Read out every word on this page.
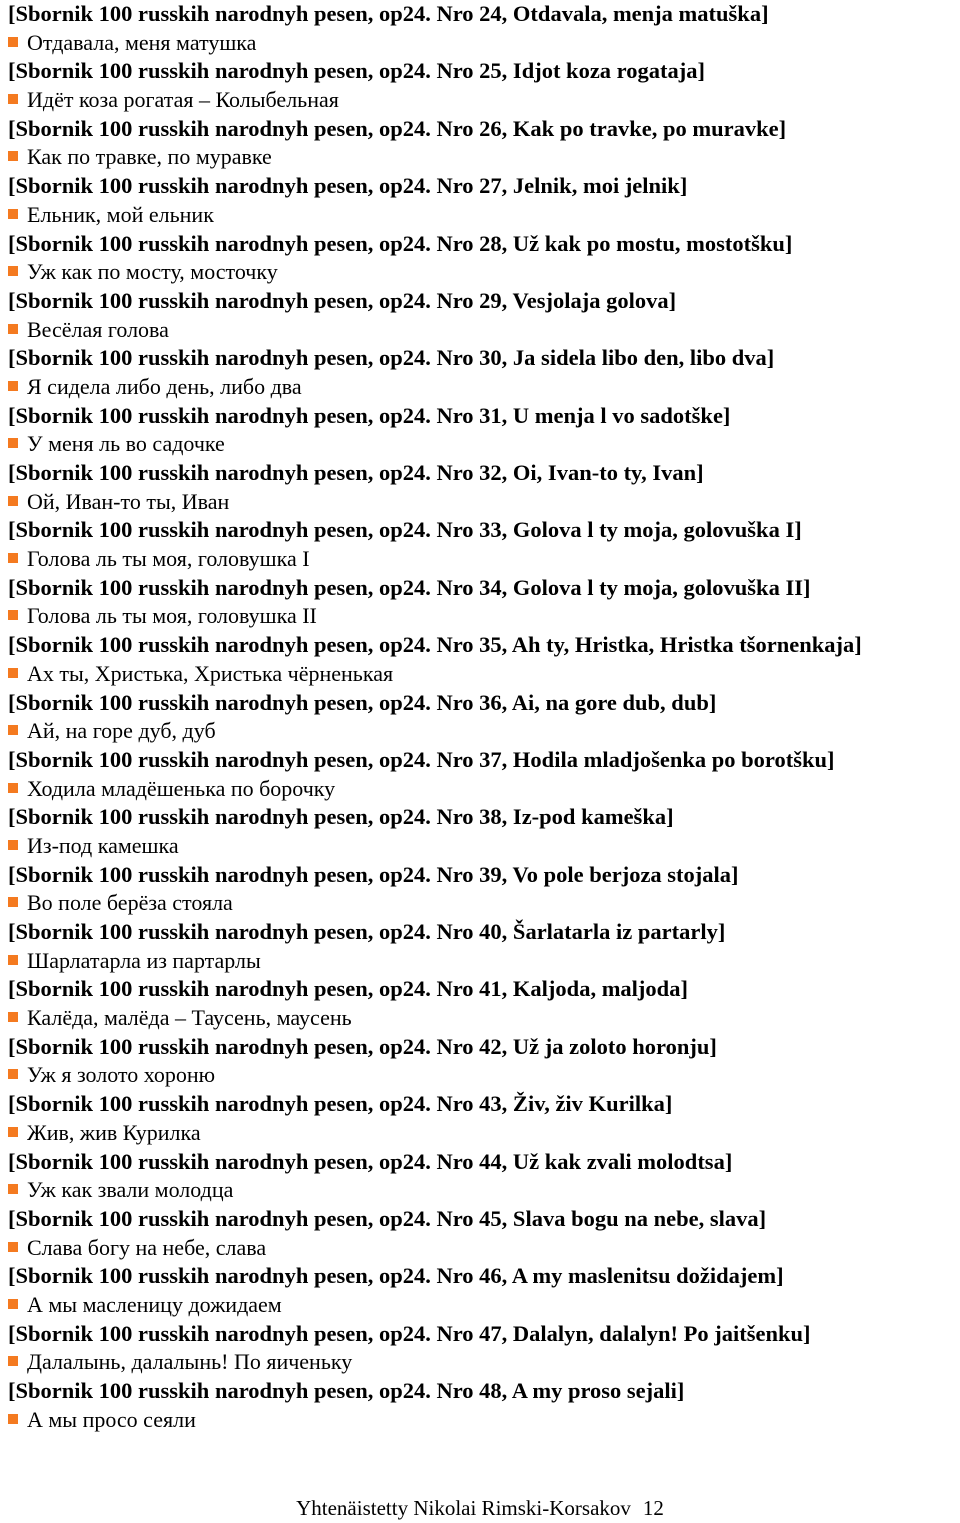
[Sbornik 100 russkih narodnyh pesen, op24. Nro 24, Otdavala, menja matuška]
Отдавала, меня матушка
[Sbornik 100 russkih narodnyh pesen, op24. Nro 25, Idjot koza rogataja]
Идёт коза рогатая – Колыбельная
[Sbornik 100 russkih narodnyh pesen, op24. Nro 26, Kak po travke, po muravke]
Как по травке, по муравке
[Sbornik 100 russkih narodnyh pesen, op24. Nro 27, Jelnik, moi jelnik]
Ельник, мой ельник
[Sbornik 100 russkih narodnyh pesen, op24. Nro 28, Už kak po mostu, mostotšku]
Уж как по мосту, мосточку
[Sbornik 100 russkih narodnyh pesen, op24. Nro 29, Vesjolaja golova]
Весёлая голова
[Sbornik 100 russkih narodnyh pesen, op24. Nro 30, Ja sidela libo den, libo dva]
Я сидела либо день, либо два
[Sbornik 100 russkih narodnyh pesen, op24. Nro 31, U menja l vo sadotške]
У меня ль во садочке
[Sbornik 100 russkih narodnyh pesen, op24. Nro 32, Oi, Ivan-to ty, Ivan]
Ой, Иван-то ты, Иван
[Sbornik 100 russkih narodnyh pesen, op24. Nro 33, Golova l ty moja, golovuška I]
Голова ль ты моя, головушка I
[Sbornik 100 russkih narodnyh pesen, op24. Nro 34, Golova l ty moja, golovuška II]
Голова ль ты моя, головушка II
[Sbornik 100 russkih narodnyh pesen, op24. Nro 35, Ah ty, Hristka, Hristka tšornenkaja]
Ах ты, Христька, Христька чёрненькая
[Sbornik 100 russkih narodnyh pesen, op24. Nro 36, Ai, na gore dub, dub]
Ай, на горе дуб, дуб
[Sbornik 100 russkih narodnyh pesen, op24. Nro 37, Hodila mladjošenka po borotšku]
Ходила младёшенька по борочку
[Sbornik 100 russkih narodnyh pesen, op24. Nro 38, Iz-pod kameška]
Из-под камешка
[Sbornik 100 russkih narodnyh pesen, op24. Nro 39, Vo pole berjoza stojala]
Во поле берёза стояла
[Sbornik 100 russkih narodnyh pesen, op24. Nro 40, Šarlatarla iz partarly]
Шарлатарла из партарлы
[Sbornik 100 russkih narodnyh pesen, op24. Nro 41, Kaljoda, maljoda]
Калёда, малёда – Таусень, маусень
[Sbornik 100 russkih narodnyh pesen, op24. Nro 42, Už ja zoloto horonju]
Уж я золото хороню
[Sbornik 100 russkih narodnyh pesen, op24. Nro 43, Živ, živ Kurilka]
Жив, жив Курилка
[Sbornik 100 russkih narodnyh pesen, op24. Nro 44, Už kak zvali molodtsa]
Уж как звали молодца
[Sbornik 100 russkih narodnyh pesen, op24. Nro 45, Slava bogu na nebe, slava]
Слава богу на небе, слава
[Sbornik 100 russkih narodnyh pesen, op24. Nro 46, A my maslenitsu dožidajem]
А мы масленицу дожидаем
[Sbornik 100 russkih narodnyh pesen, op24. Nro 47, Dalalyn, dalalyn! Po jaitšenku]
Далалынь, далалынь! По яиченьку
[Sbornik 100 russkih narodnyh pesen, op24. Nro 48, A my proso sejali]
А мы просо сеяли
Yhtenäistetty Nikolai Rimski-Korsakov 12
